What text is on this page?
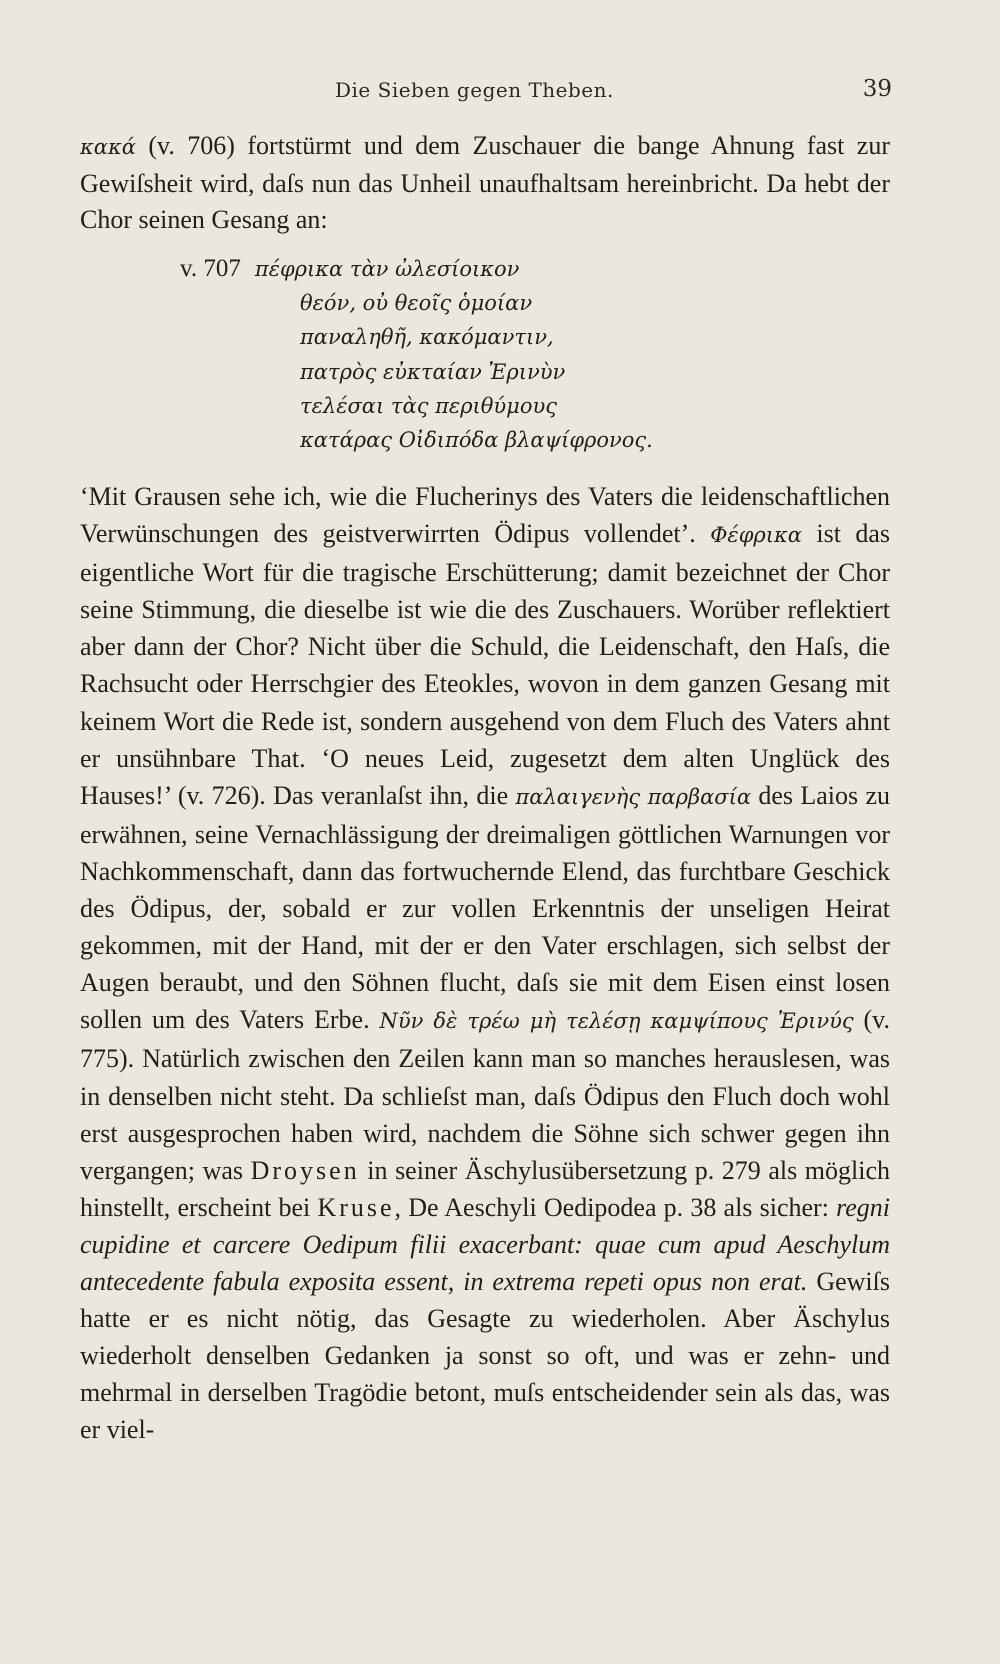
Die Sieben gegen Theben.	39

κακά (v. 706) fortstürmt und dem Zuschauer die bange Ahnung fast zur Gewiſsheit wird, daſs nun das Unheil unaufhaltsam hereinbricht. Da hebt der Chor seinen Gesang an:

v. 707 πέφρικα τὰν ὠλεσίοικον
θεόν, οὐ θεοῖς ὁμοίαν
παναληθῆ, κακόμαντιν,
πατρὸς εὐκταίαν Ἐρινὺν
τελέσαι τὰς περιθύμους
κατάρας Οἰδιπόδα βλαψίφρονος.

‘Mit Grausen sehe ich, wie die Flucherinys des Vaters die leidenschaftlichen Verwünschungen des geistverwirrten Ödipus vollendet’. Φέφρικα ist das eigentliche Wort für die tragische Erschütterung; damit bezeichnet der Chor seine Stimmung, die dieselbe ist wie die des Zuschauers. Worüber reflektiert aber dann der Chor? Nicht über die Schuld, die Leidenschaft, den Haſs, die Rachsucht oder Herrschgier des Eteokles, wovon in dem ganzen Gesang mit keinem Wort die Rede ist, sondern ausgehend von dem Fluch des Vaters ahnt er unsühnbare That. ‘O neues Leid, zugesetzt dem alten Unglück des Hauses!’ (v. 726). Das veranlaſst ihn, die παλαιγενὴς παρβασία des Laios zu erwähnen, seine Vernachlässigung der dreimaligen göttlichen Warnungen vor Nachkommenschaft, dann das fortwuchernde Elend, das furchtbare Geschick des Ödipus, der, sobald er zur vollen Erkenntnis der unseligen Heirat gekommen, mit der Hand, mit der er den Vater erschlagen, sich selbst der Augen beraubt, und den Söhnen flucht, daſs sie mit dem Eisen einst losen sollen um des Vaters Erbe. Νῦν δὲ τρέω μὴ τελέσῃ καμψίπους Ἐρινύς (v. 775). Natürlich zwischen den Zeilen kann man so manches herauslesen, was in denselben nicht steht. Da schlieſst man, daſs Ödipus den Fluch doch wohl erst ausgesprochen haben wird, nachdem die Söhne sich schwer gegen ihn vergangen; was Droysen in seiner Äschylusübersetzung p. 279 als möglich hinstellt, erscheint bei Kruse, De Aeschyli Oedipodea p. 38 als sicher: regni cupidine et carcere Oedipum filii exacerbant: quae cum apud Aeschylum antecedente fabula exposita essent, in extrema repeti opus non erat. Gewiſs hatte er es nicht nötig, das Gesagte zu wiederholen. Aber Äschylus wiederholt denselben Gedanken ja sonst so oft, und was er zehn- und mehrmal in derselben Tragödie betont, muſs entscheidender sein als das, was er viel-
